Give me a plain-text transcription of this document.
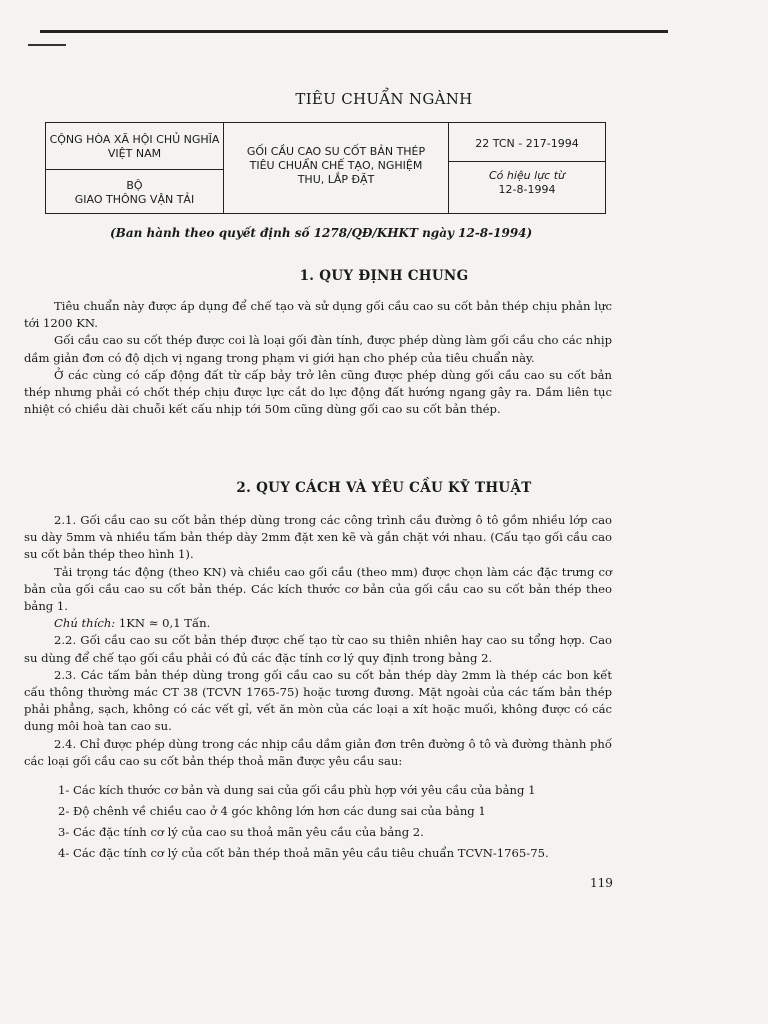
TIÊU CHUẨN NGÀNH
CỘNG HÒA XÃ HỘI CHỦ NGHĨA
VIỆT NAM
BỘ
GIAO THÔNG VẬN TẢI
GỐI CẦU CAO SU CỐT BẢN THÉP
TIÊU CHUẨN CHẾ TẠO, NGHIỆM
THU, LẮP ĐẶT
22 TCN - 217-1994
Có hiệu lực từ
12-8-1994
(Ban hành theo quyết định số 1278/QĐ/KHKT ngày 12-8-1994)
1. QUY ĐỊNH CHUNG

Tiêu chuẩn này được áp dụng để chế tạo và sử dụng gối cầu cao su cốt bản thép chịu phản lực tới 1200 KN.

Gối cầu cao su cốt thép được coi là loại gối đàn tính, được phép dùng làm gối cầu cho các nhịp dầm giản đơn có độ dịch vị ngang trong phạm vi giới hạn cho phép của tiêu chuẩn này.

Ở các cùng có cấp động đất từ cấp bảy trở lên cũng được phép dùng gối cầu cao su cốt bản thép nhưng phải có chốt thép chịu được lực cắt do lực động đất hướng ngang gây ra. Dầm liên tục nhiệt có chiều dài chuỗi kết cấu nhịp tới 50m cũng dùng gối cao su cốt bản thép.

2. QUY CÁCH VÀ YÊU CẦU KỸ THUẬT

2.1. Gối cầu cao su cốt bản thép dùng trong các công trình cầu đường ô tô gồm nhiều lớp cao su dày 5mm và nhiều tấm bản thép dày 2mm đặt xen kẽ và gắn chặt với nhau. (Cấu tạo gối cầu cao su cốt bản thép theo hình 1).

Tải trọng tác động (theo KN) và chiều cao gối cầu (theo mm) được chọn làm các đặc trưng cơ bản của gối cầu cao su cốt bản thép. Các kích thước cơ bản của gối cầu cao su cốt bản thép theo bảng 1.

Chú thích: 1KN ≈ 0,1 Tấn.

2.2. Gối cầu cao su cốt bản thép được chế tạo từ cao su thiên nhiên hay cao su tổng hợp. Cao su dùng để chế tạo gối cầu phải có đủ các đặc tính cơ lý quy định trong bảng 2.

2.3. Các tấm bản thép dùng trong gối cầu cao su cốt bản thép dày 2mm là thép các bon kết cấu thông thường mác CT 38 (TCVN 1765-75) hoặc tương đương. Mặt ngoài của các tấm bản thép phải phẳng, sạch, không có các vết gỉ, vết ăn mòn của các loại a xít hoặc muối, không được có các dung môi hoà tan cao su.

2.4. Chỉ được phép dùng trong các nhịp cầu dầm giản đơn trên đường ô tô và đường thành phố các loại gối cầu cao su cốt bản thép thoả mãn được yêu cầu sau:

1- Các kích thước cơ bản và dung sai của gối cầu phù hợp với yêu cầu của bảng 1
2- Độ chênh về chiều cao ở 4 góc không lớn hơn các dung sai của bảng 1
3- Các đặc tính cơ lý của cao su thoả mãn yêu cầu của bảng 2.
4- Các đặc tính cơ lý của cốt bản thép thoả mãn yêu cầu tiêu chuẩn TCVN-1765-75.
119
